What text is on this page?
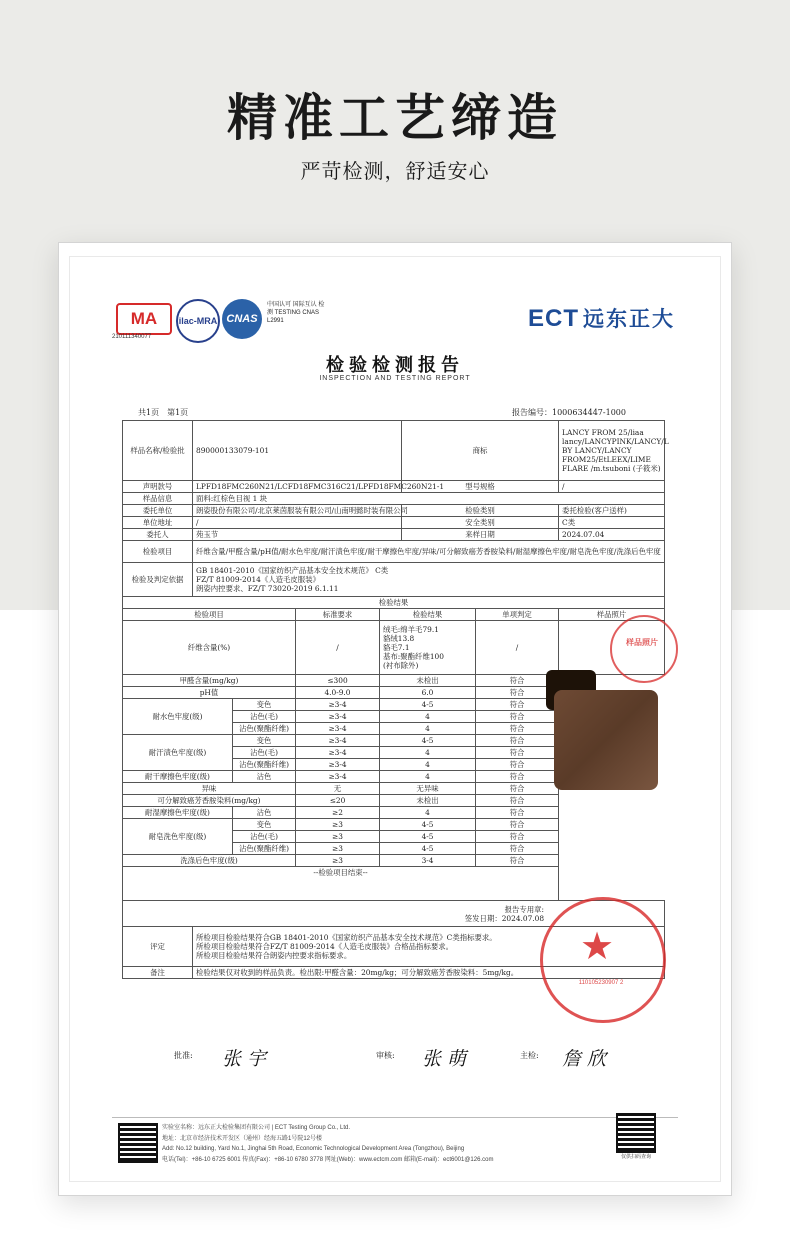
精准工艺缔造
严苛检测，舒适安心
MA
210111340077
ilac-MRA CNAS
中国认可 国际互认 检测 TESTING CNAS L2991	ECT 远东正大
检验检测报告
INSPECTION AND TESTING REPORT
共1页　第1页	报告编号：1000634447-1000
样品名称/检验批	890000133079-101				商标		LANCY FROM 25/liaa lancy/LANCYPINK/LANCY/L BY LANCY/LANCY FROM25/EtLEEX/LIME FLARE /m.tsuboni (子筱米)
声明款号	LPFD18FMC260N21/LCFD18FMC316C21/LPFD18FMC260N21-1				型号规格		/
样品信息	面料:红棕色目视 1 块						
委托单位	朗姿股份有限公司/北京莱茵服装有限公司/山南明懿时装有限公司				检验类别		委托检验(客户送样)
单位地址	/				安全类别		C类
委托人	苑玉节				来样日期		2024.07.04
检验项目	纤维含量/甲醛含量/pH值/耐水色牢度/耐汗渍色牢度/耐干摩擦色牢度/异味/可分解致癌芳香胺染料/耐湿摩擦色牢度/耐皂洗色牢度/洗涤后色牢度						
检验及判定依据	GB 18401-2010《国家纺织产品基本安全技术规范》 C类
FZ/T 81009-2014《人造毛皮服装》
朗姿内控要求、FZ/T 73020-2019 6.1.11						

检验结果							
检验项目			标准要求	检验结果		单项判定	样品照片
纤维含量(%)			/	绒毛:绵羊毛79.1
貉绒13.8
貉毛7.1
基布:聚酯纤维100
(衬布除外)		/	
甲醛含量(mg/kg)			≤300	未检出		符合	
pH值			4.0-9.0	6.0		符合	
耐水色牢度(级)		变色	≥3-4	4-5		符合	
		沾色(毛)	≥3-4	4		符合	
		沾色(聚酯纤维)	≥3-4	4		符合	
耐汗渍色牢度(级)		变色	≥3-4	4-5		符合	
		沾色(毛)	≥3-4	4		符合	
		沾色(聚酯纤维)	≥3-4	4		符合	
耐干摩擦色牢度(级)		沾色	≥3-4	4		符合	
异味			无	无异味		符合	
可分解致癌芳香胺染料(mg/kg)			≤20	未检出		符合	
耐湿摩擦色牢度(级)		沾色	≥2	4		符合	
耐皂洗色牢度(级)		变色	≥3	4-5		符合	
		沾色(毛)	≥3	4-5		符合	
		沾色(聚酯纤维)	≥3	4-5		符合	
洗涤后色牢度(级)			≥3	3-4		符合	
--检验项目结束--							

报告专用章:
签发日期：2024.07.08							

评定	所检项目检验结果符合GB 18401-2010《国家纺织产品基本安全技术规范》C类指标要求。
所检项目检验结果符合FZ/T 81009-2014《人造毛皮服装》合格品指标要求。
所检项目检验结果符合朗姿内控要求指标要求。						

备注	检验结果仅对收到的样品负责。检出限:甲醛含量：20mg/kg；可分解致癌芳香胺染料：5mg/kg。						
批准: 张 宇	审核: 张 萌	主检: 詹 欣
样品照片
★
110105230907 2
实验室名称：远东正大检验集团有限公司 | ECT Testing Group Co., Ltd.
地址：北京市经济技术开发区（通州）经海五路1号院12号楼
Add: No.12 building, Yard No.1, Jinghai 5th Road, Economic Technological Development Area (Tongzhou), Beijing
电话(Tel)：+86-10 6725 6001 传真(Fax)：+86-10 6780 3778 网址(Web)：www.ectcm.com 邮箱(E-mail)：ect6001@126.com	仅供扫码查询
